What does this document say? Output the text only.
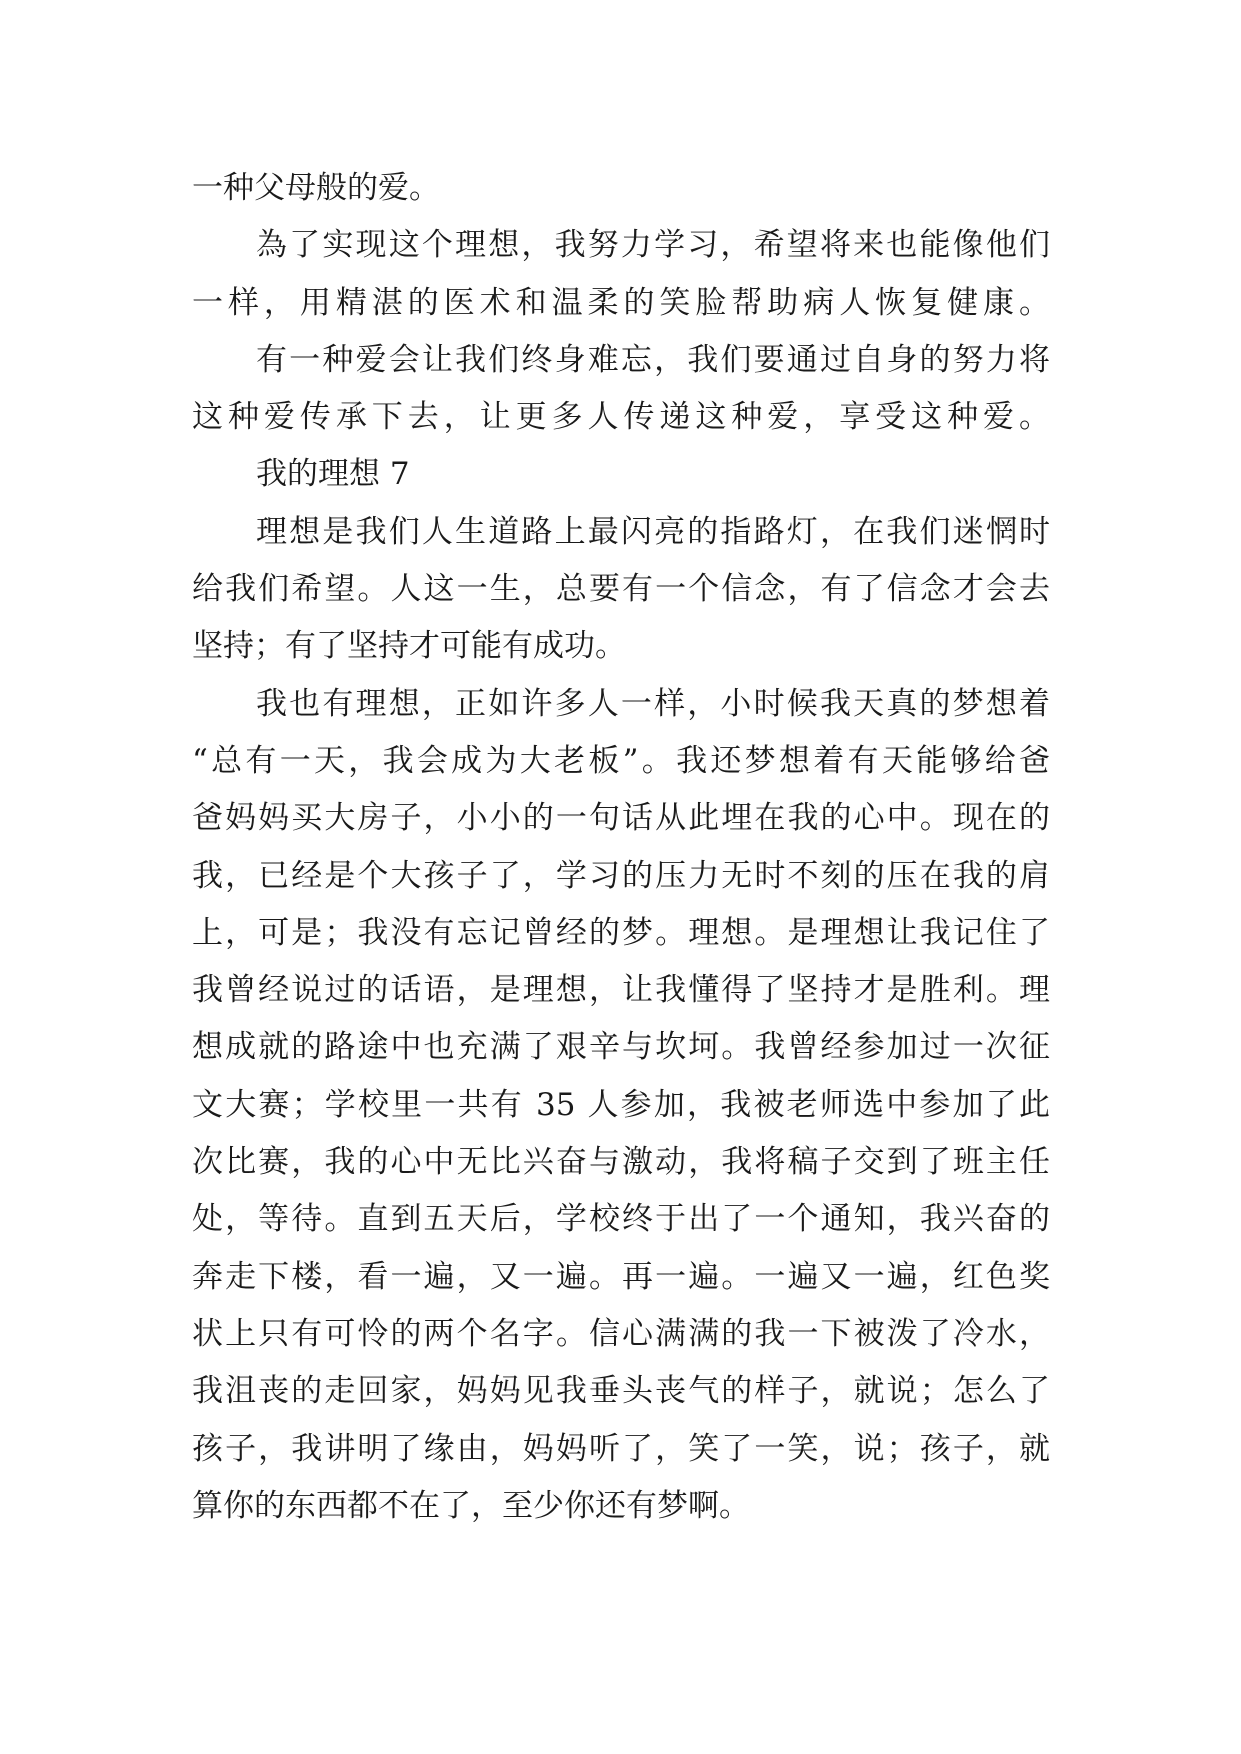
一种父母般的爱。
為了实现这个理想，我努力学习，希望将来也能像他们
一样，用精湛的医术和温柔的笑脸帮助病人恢复健康。
有一种爱会让我们终身难忘，我们要通过自身的努力将
这种爱传承下去，让更多人传递这种爱，享受这种爱。
我的理想 7
理想是我们人生道路上最闪亮的指路灯，在我们迷惘时
给我们希望。人这一生，总要有一个信念，有了信念才会去
坚持；有了坚持才可能有成功。
我也有理想，正如许多人一样，小时候我天真的梦想着
“总有一天，我会成为大老板”。我还梦想着有天能够给爸
爸妈妈买大房子，小小的一句话从此埋在我的心中。现在的
我，已经是个大孩子了，学习的压力无时不刻的压在我的肩
上，可是；我没有忘记曾经的梦。理想。是理想让我记住了
我曾经说过的话语，是理想，让我懂得了坚持才是胜利。理
想成就的路途中也充满了艰辛与坎坷。我曾经参加过一次征
文大赛；学校里一共有 35 人参加，我被老师选中参加了此
次比赛，我的心中无比兴奋与激动，我将稿子交到了班主任
处，等待。直到五天后，学校终于出了一个通知，我兴奋的
奔走下楼，看一遍，又一遍。再一遍。一遍又一遍，红色奖
状上只有可怜的两个名字。信心满满的我一下被泼了冷水，
我沮丧的走回家，妈妈见我垂头丧气的样子，就说；怎么了
孩子，我讲明了缘由，妈妈听了，笑了一笑，说；孩子，就
算你的东西都不在了，至少你还有梦啊。
